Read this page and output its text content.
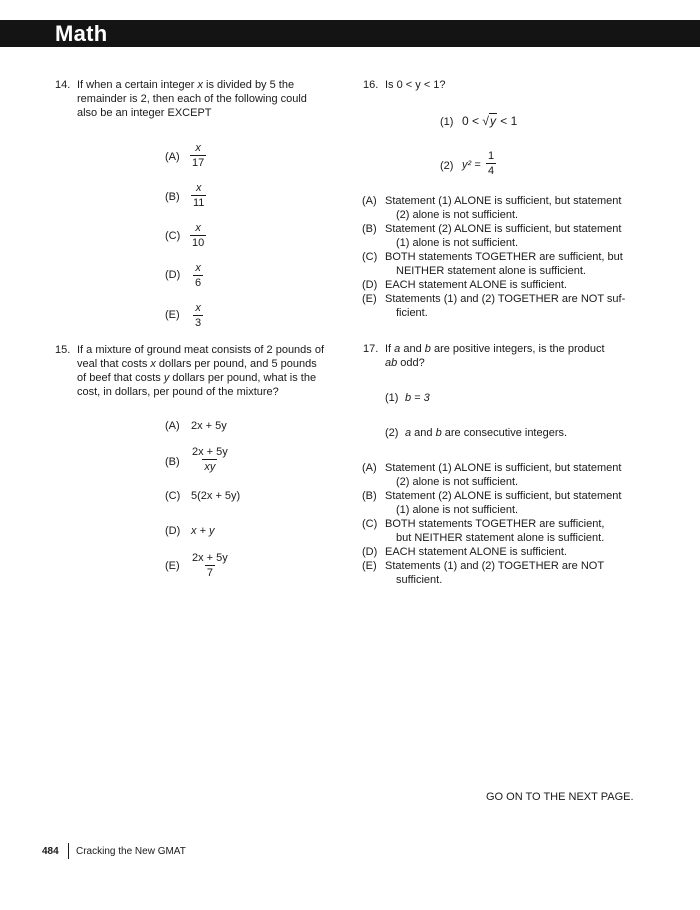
Math
14. If when a certain integer x is divided by 5 the
remainder is 2, then each of the following could
also be an integer EXCEPT
$(A) \frac{x}{17}$
$(B) \frac{x}{11}$
$(C) \frac{x}{10}$
$(D) \frac{x}{6}$
$(E) \frac{x}{3}$
15. If a mixture of ground meat consists of 2 pounds of
veal that costs x dollars per pound, and 5 pounds
of beef that costs y dollars per pound, what is the
cost, in dollars, per pound of the mixture?
(A) 2x + 5y
$(B) \frac{2x + 5y}{xy}$
(C) 5(2x + 5y)
(D) x + y
$(E) \frac{2x + 5y}{7}$
16. Is 0 < y < 1?
(1) 0 < √y < 1
(2) $y^2 = \frac{1}{4}$
(A) Statement (1) ALONE is sufficient, but statement
(2) alone is not sufficient.
(B) Statement (2) ALONE is sufficient, but statement
(1) alone is not sufficient.
(C) BOTH statements TOGETHER are sufficient, but
NEITHER statement alone is sufficient.
(D) EACH statement ALONE is sufficient.
(E) Statements (1) and (2) TOGETHER are NOT suf-
ficient.
17. If a and b are positive integers, is the product
ab odd?
(1) b = 3
(2) a and b are consecutive integers.
(A) Statement (1) ALONE is sufficient, but statement
(2) alone is not sufficient.
(B) Statement (2) ALONE is sufficient, but statement
(1) alone is not sufficient.
(C) BOTH statements TOGETHER are sufficient,
but NEITHER statement alone is sufficient.
(D) EACH statement ALONE is sufficient.
(E) Statements (1) and (2) TOGETHER are NOT
sufficient.
GO ON TO THE NEXT PAGE.
484 Cracking the New GMAT
